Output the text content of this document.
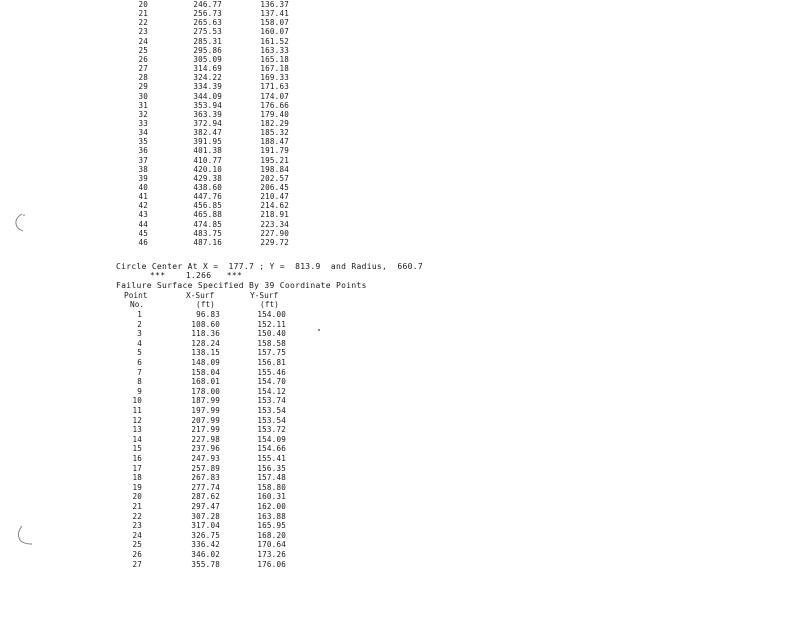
20	246.77	136.37
21	256.73	137.41
22	265.63	158.07
23	275.53	160.07
24	285.31	161.52
25	295.86	163.33
26	305.09	165.18
27	314.69	167.18
28	324.22	169.33
29	334.39	171.63
30	344.09	174.07
31	353.94	176.66
32	363.39	179.40
33	372.94	182.29
34	382.47	185.32
35	391.95	188.47
36	401.38	191.79
37	410.77	195.21
38	420.10	198.84
39	429.38	202.57
40	438.60	206.45
41	447.76	210.47
42	456.85	214.62
43	465.88	218.91
44	474.85	223.34
45	483.75	227.90
46	487.16	229.72
Circle Center At X =  177.7 ; Y =  813.9  and Radius,  660.7
***    1.266   ***
Failure Surface Specified By 39 Coordinate Points
Point	X-Surf	Y-Surf
No.	(ft)	(ft)
1	96.83	154.00
2	108.60	152.11
3	118.36	150.40
4	128.24	158.58
5	138.15	157.75
6	148.09	156.81
7	158.04	155.46
8	168.01	154.70
9	178.00	154.12
10	187.99	153.74
11	197.99	153.54
12	207.99	153.54
13	217.99	153.72
14	227.98	154.09
15	237.96	154.66
16	247.93	155.41
17	257.89	156.35
18	267.83	157.48
19	277.74	158.80
20	287.62	160.31
21	297.47	162.00
22	307.28	163.88
23	317.04	165.95
24	326.75	168.20
25	336.42	170.64
26	346.02	173.26
27	355.78	176.06
